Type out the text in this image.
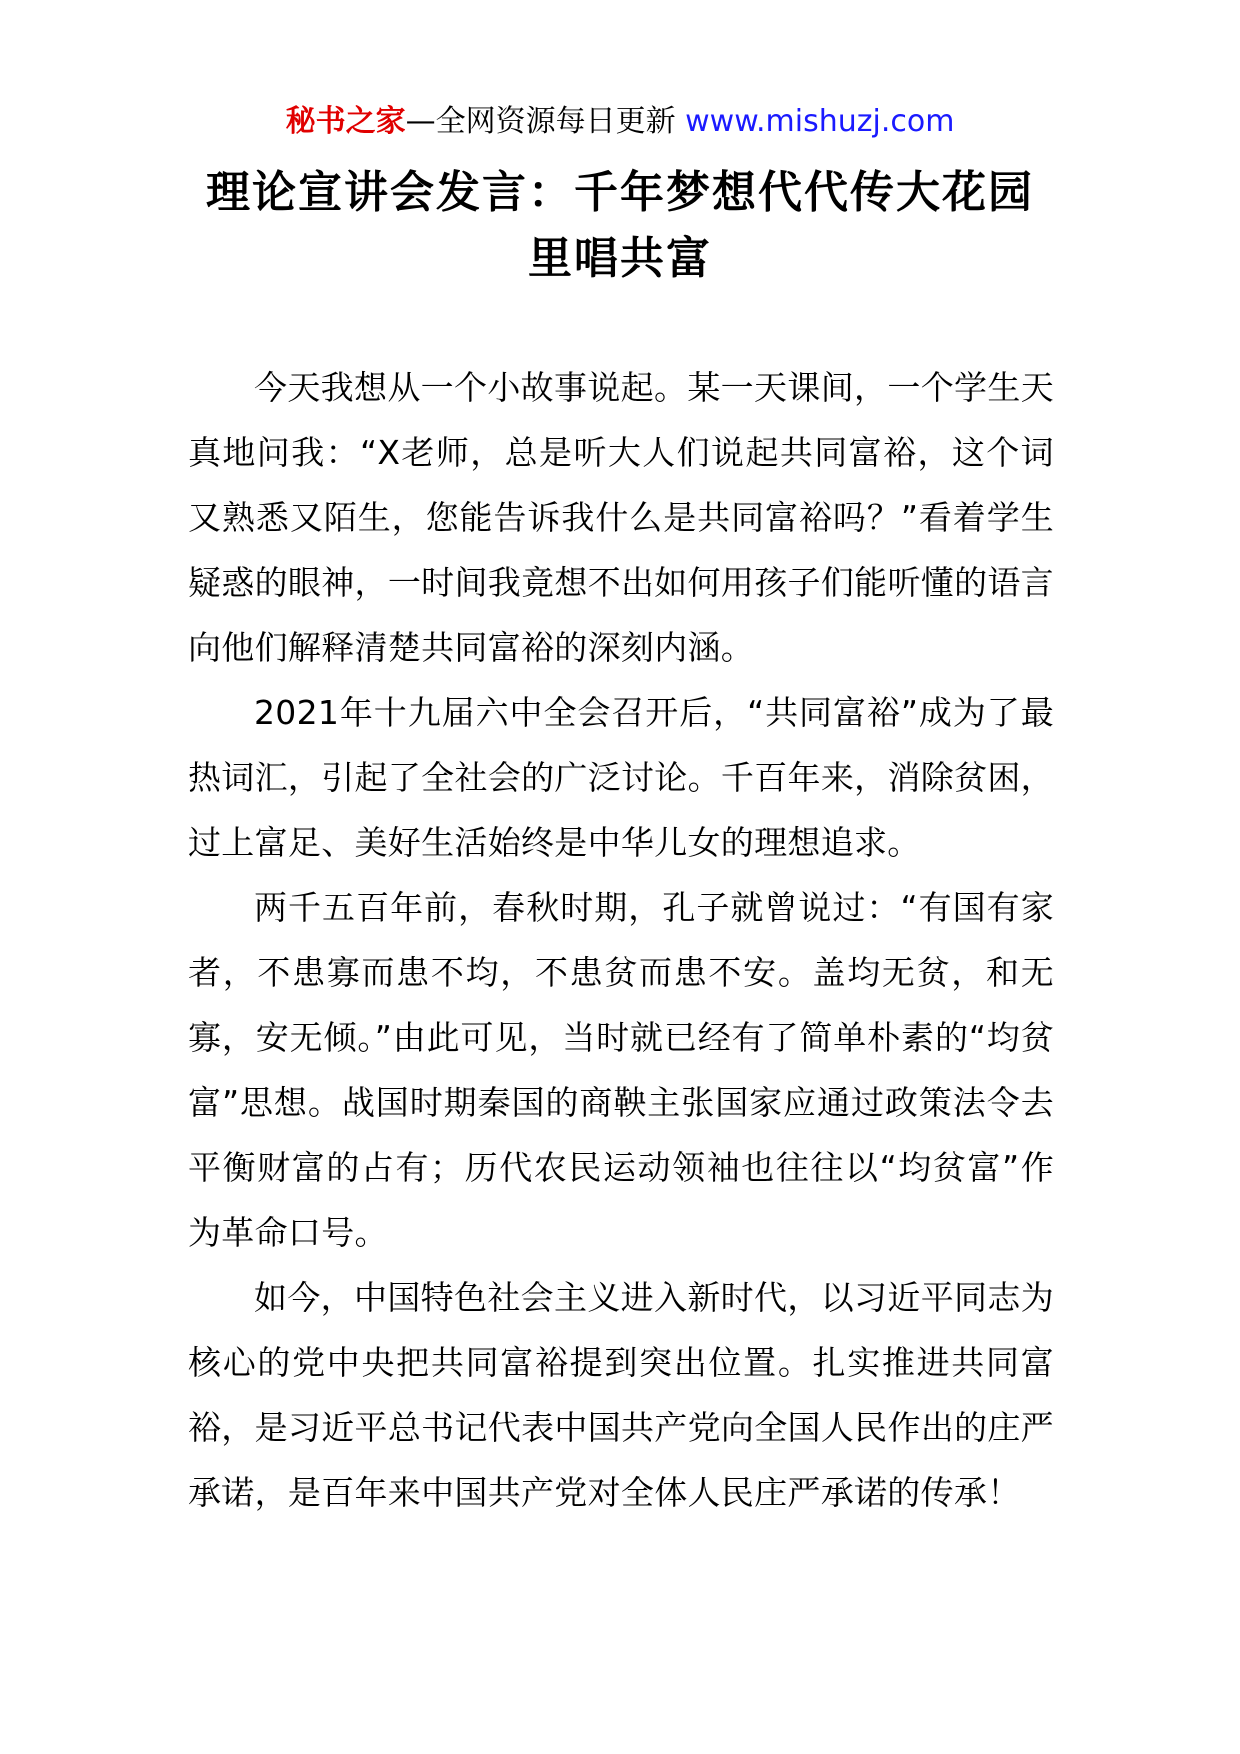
秘书之家—全网资源每日更新 www.mishuzj.com
理论宣讲会发言：千年梦想代代传大花园里唱共富

今天我想从一个小故事说起。某一天课间，一个学生天真地问我：“X老师，总是听大人们说起共同富裕，这个词又熟悉又陌生，您能告诉我什么是共同富裕吗？”看着学生疑惑的眼神，一时间我竟想不出如何用孩子们能听懂的语言向他们解释清楚共同富裕的深刻内涵。

2021年十九届六中全会召开后，“共同富裕”成为了最热词汇，引起了全社会的广泛讨论。千百年来，消除贫困，过上富足、美好生活始终是中华儿女的理想追求。

两千五百年前，春秋时期，孔子就曾说过：“有国有家者，不患寡而患不均，不患贫而患不安。盖均无贫，和无寡，安无倾。”由此可见，当时就已经有了简单朴素的“均贫富”思想。战国时期秦国的商鞅主张国家应通过政策法令去平衡财富的占有；历代农民运动领袖也往往以“均贫富”作为革命口号。

如今，中国特色社会主义进入新时代，以习近平同志为核心的党中央把共同富裕提到突出位置。扎实推进共同富裕，是习近平总书记代表中国共产党向全国人民作出的庄严承诺，是百年来中国共产党对全体人民庄严承诺的传承！
